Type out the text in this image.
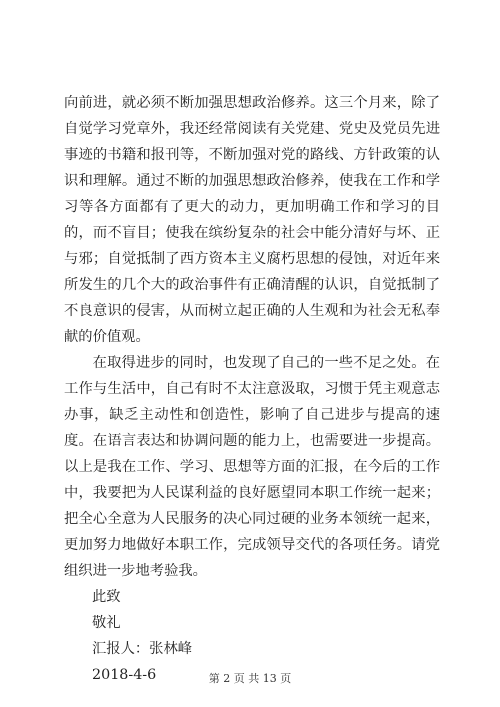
向前进，就必须不断加强思想政治修养。这三个月来，除了自觉学习党章外，我还经常阅读有关党建、党史及党员先进事迹的书籍和报刊等，不断加强对党的路线、方针政策的认识和理解。通过不断的加强思想政治修养，使我在工作和学习等各方面都有了更大的动力，更加明确工作和学习的目的，而不盲目；使我在缤纷复杂的社会中能分清好与坏、正与邪；自觉抵制了西方资本主义腐朽思想的侵蚀，对近年来所发生的几个大的政治事件有正确清醒的认识，自觉抵制了不良意识的侵害，从而树立起正确的人生观和为社会无私奉献的价值观。

在取得进步的同时，也发现了自己的一些不足之处。在工作与生活中，自己有时不太注意汲取，习惯于凭主观意志办事，缺乏主动性和创造性，影响了自己进步与提高的速度。在语言表达和协调问题的能力上，也需要进一步提高。以上是我在工作、学习、思想等方面的汇报，在今后的工作中，我要把为人民谋利益的良好愿望同本职工作统一起来；把全心全意为人民服务的决心同过硬的业务本领统一起来，更加努力地做好本职工作，完成领导交代的各项任务。请党组织进一步地考验我。

此致

敬礼

汇报人：张林峰

2018-4-6	第 2 页 共 13 页
